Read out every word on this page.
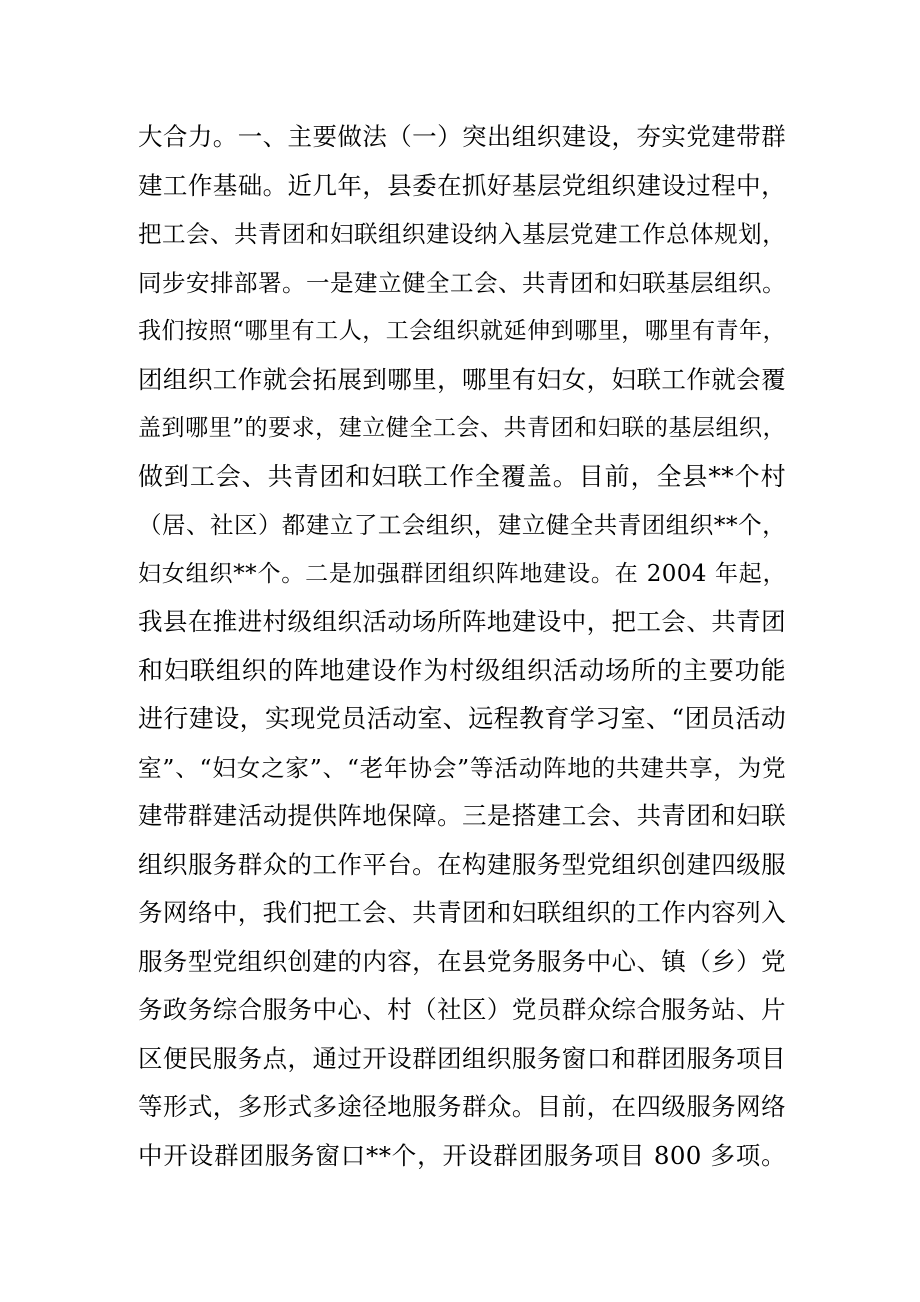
大合力。一、主要做法（一）突出组织建设，夯实党建带群
建工作基础。近几年，县委在抓好基层党组织建设过程中，
把工会、共青团和妇联组织建设纳入基层党建工作总体规划，
同步安排部署。一是建立健全工会、共青团和妇联基层组织。
我们按照“哪里有工人，工会组织就延伸到哪里，哪里有青年，
团组织工作就会拓展到哪里，哪里有妇女，妇联工作就会覆
盖到哪里”的要求，建立健全工会、共青团和妇联的基层组织，
做到工会、共青团和妇联工作全覆盖。目前，全县**个村
（居、社区）都建立了工会组织，建立健全共青团组织**个，
妇女组织**个。二是加强群团组织阵地建设。在 2004 年起，
我县在推进村级组织活动场所阵地建设中，把工会、共青团
和妇联组织的阵地建设作为村级组织活动场所的主要功能
进行建设，实现党员活动室、远程教育学习室、“团员活动
室”、“妇女之家”、“老年协会”等活动阵地的共建共享，为党
建带群建活动提供阵地保障。三是搭建工会、共青团和妇联
组织服务群众的工作平台。在构建服务型党组织创建四级服
务网络中，我们把工会、共青团和妇联组织的工作内容列入
服务型党组织创建的内容，在县党务服务中心、镇（乡）党
务政务综合服务中心、村（社区）党员群众综合服务站、片
区便民服务点，通过开设群团组织服务窗口和群团服务项目
等形式，多形式多途径地服务群众。目前，在四级服务网络
中开设群团服务窗口**个，开设群团服务项目 800 多项。
